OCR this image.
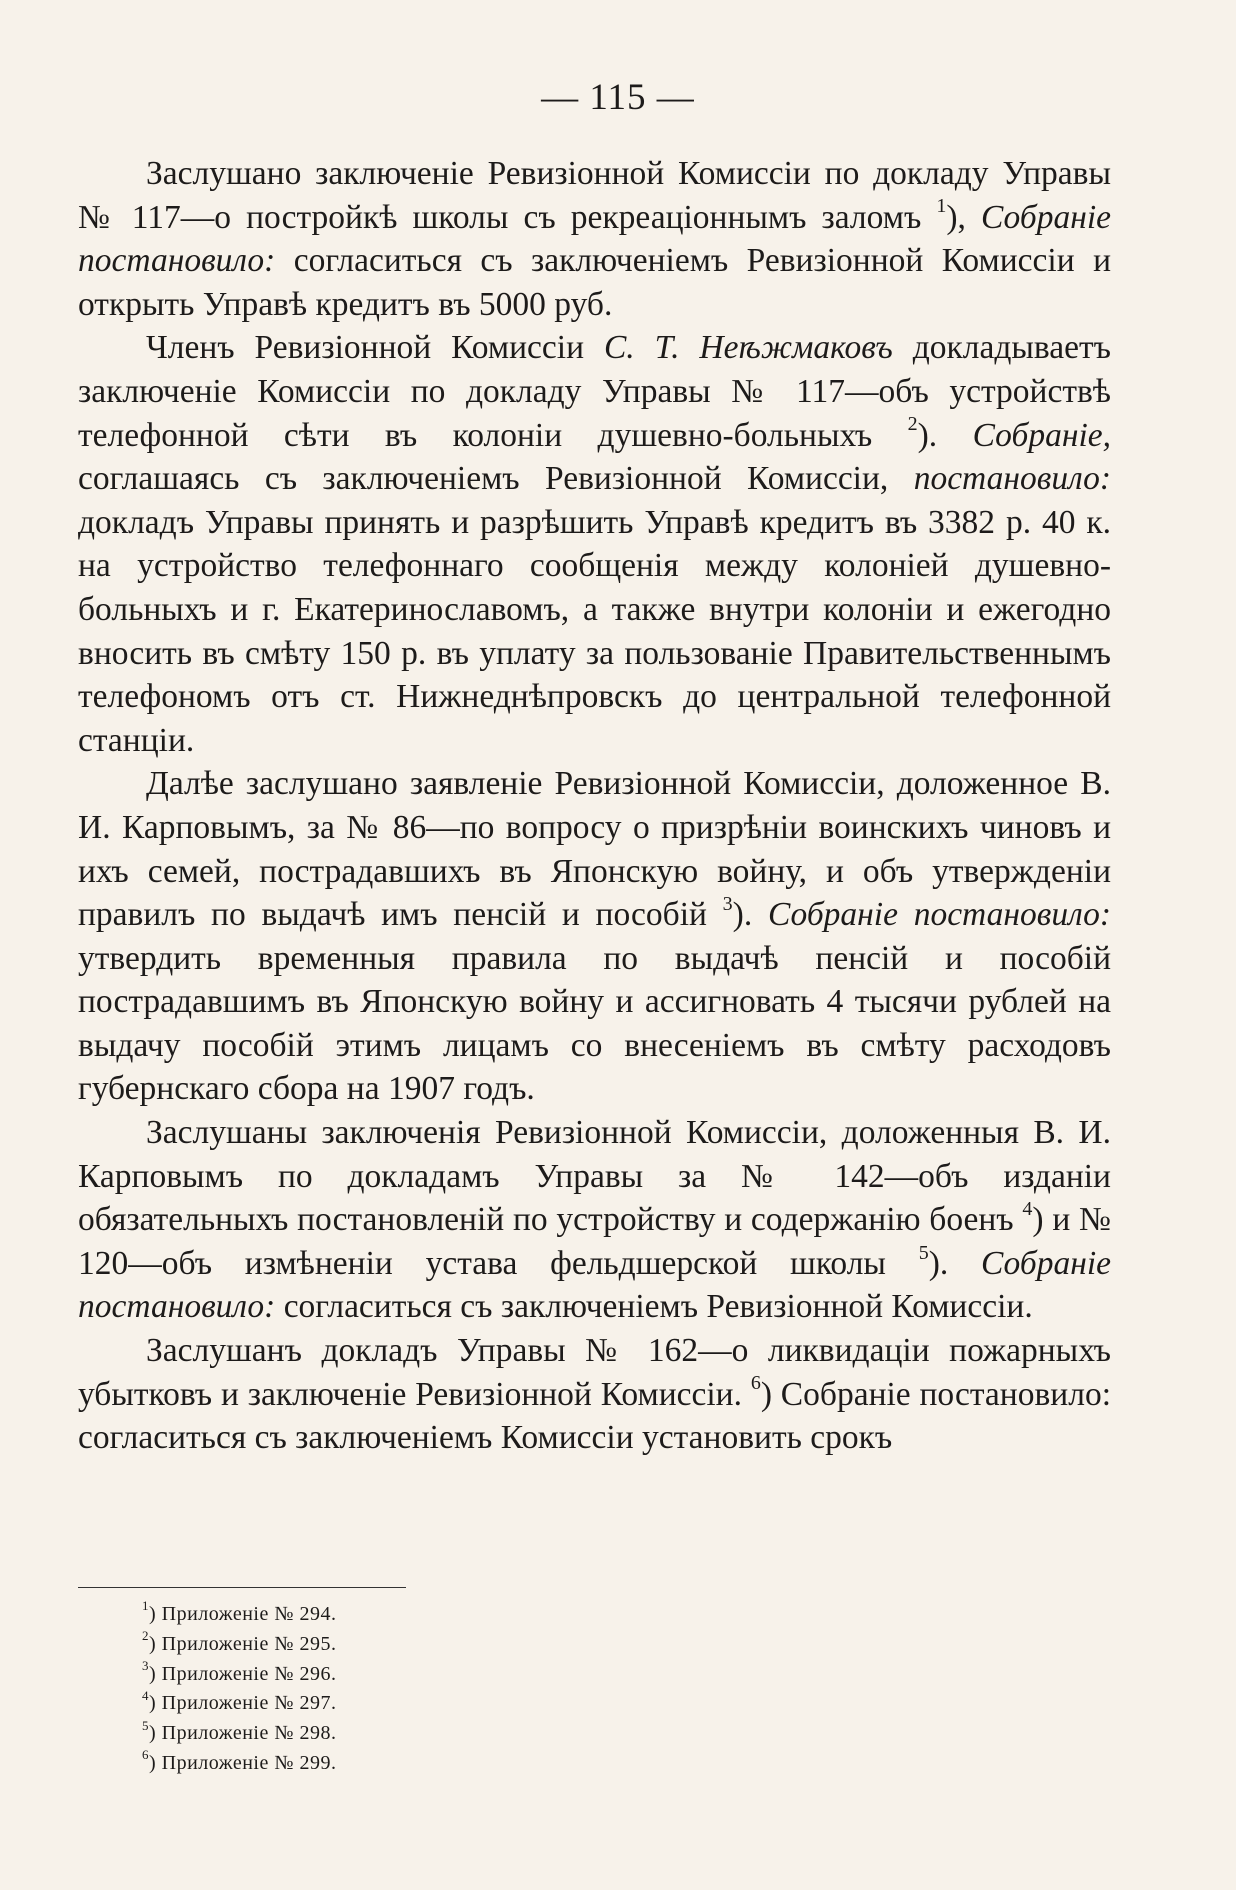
— 115 —

Заслушано заключеніе Ревизіонной Комиссіи по докладу Управы № 117—о постройкѣ школы съ рекреаціоннымъ заломъ $^1$), Собраніе постановило: согласиться съ заключеніемъ Ревизіонной Комиссіи и открыть Управѣ кредитъ въ 5000 руб.

Членъ Ревизіонной Комиссіи С. Т. Неѣжмаковъ докладываетъ заключеніе Комиссіи по докладу Управы № 117—объ устройствѣ телефонной сѣти въ колоніи душевно-больныхъ $^2$). Собраніе, соглашаясь съ заключеніемъ Ревизіонной Комиссіи, постановило: докладъ Управы принять и разрѣшить Управѣ кредитъ въ 3382 р. 40 к. на устройство телефоннаго сообщенія между колоніей душевно-больныхъ и г. Екатеринославомъ, а также внутри колоніи и ежегодно вносить въ смѣту 150 р. въ уплату за пользованіе Правительственнымъ телефономъ отъ ст. Нижнеднѣпровскъ до центральной телефонной станціи.

Далѣе заслушано заявленіе Ревизіонной Комиссіи, доложенное В. И. Карповымъ, за № 86—по вопросу о призрѣніи воинскихъ чиновъ и ихъ семей, пострадавшихъ въ Японскую войну, и объ утвержденіи правилъ по выдачѣ имъ пенсій и пособій $^3$). Собраніе постановило: утвердить временныя правила по выдачѣ пенсій и пособій пострадавшимъ въ Японскую войну и ассигновать 4 тысячи рублей на выдачу пособій этимъ лицамъ со внесеніемъ въ смѣту расходовъ губернскаго сбора на 1907 годъ.

Заслушаны заключенія Ревизіонной Комиссіи, доложенныя В. И. Карповымъ по докладамъ Управы за № 142—объ изданіи обязательныхъ постановленій по устройству и содержанію боенъ $^4$) и № 120—объ измѣненіи устава фельдшерской школы $^5$). Собраніе постановило: согласиться съ заключеніемъ Ревизіонной Комиссіи.

Заслушанъ докладъ Управы № 162—о ликвидаціи пожарныхъ убытковъ и заключеніе Ревизіонной Комиссіи. $^6$) Собраніе постановило: согласиться съ заключеніемъ Комиссіи установить срокъ

$^1$) Приложеніе № 294.
$^2$) Приложеніе № 295.
$^3$) Приложеніе № 296.
$^4$) Приложеніе № 297.
$^5$) Приложеніе № 298.
$^6$) Приложеніе № 299.
